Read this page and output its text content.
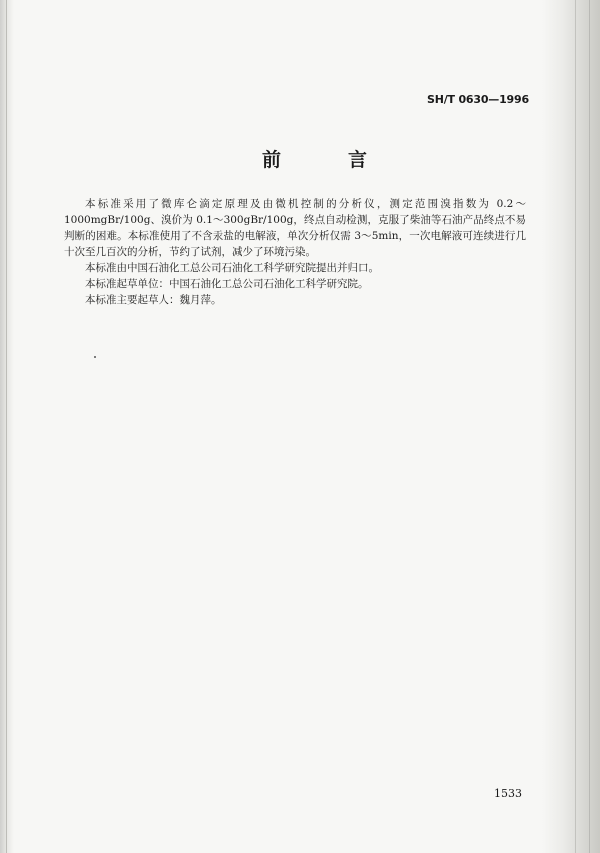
SH/T 0630—1996
前　言

本标准采用了微库仑滴定原理及由微机控制的分析仪，测定范围溴指数为 0.2～1000mgBr/100g、溴价为 0.1～300gBr/100g，终点自动检测，克服了柴油等石油产品终点不易判断的困难。本标准使用了不含汞盐的电解液，单次分析仅需 3～5min，一次电解液可连续进行几十次至几百次的分析，节约了试剂，减少了环境污染。

本标准由中国石油化工总公司石油化工科学研究院提出并归口。

本标准起草单位：中国石油化工总公司石油化工科学研究院。

本标准主要起草人：魏月萍。

1533
